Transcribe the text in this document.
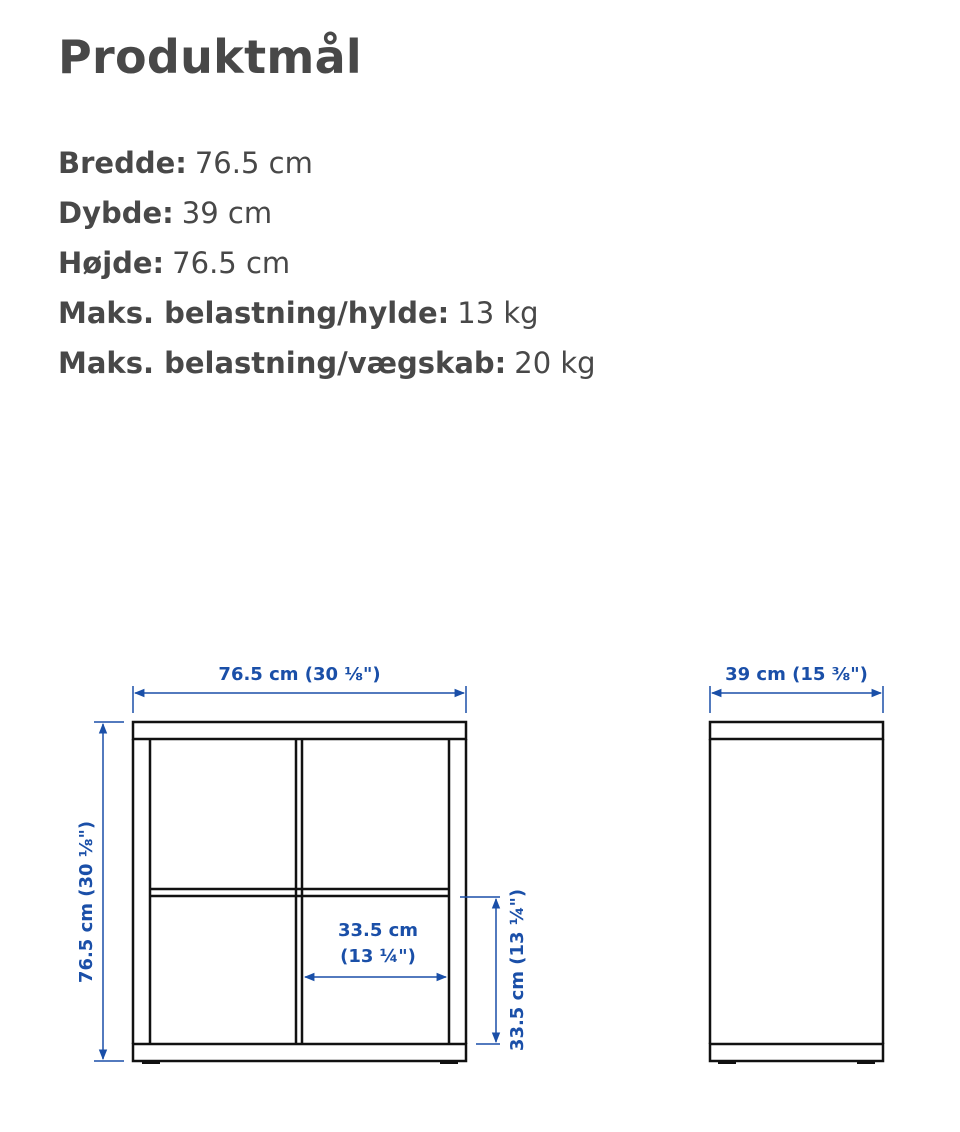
Produktmål
Bredde: 76.5 cm
Dybde: 39 cm
Højde: 76.5 cm
Maks. belastning/hylde: 13 kg
Maks. belastning/vægskab: 20 kg
76.5 cm (30 ⅛")
76.5 cm (30 ⅛")	33.5 cm
(13 ¼")	33.5 cm (13 ¼")
39 cm (15 ⅜")
